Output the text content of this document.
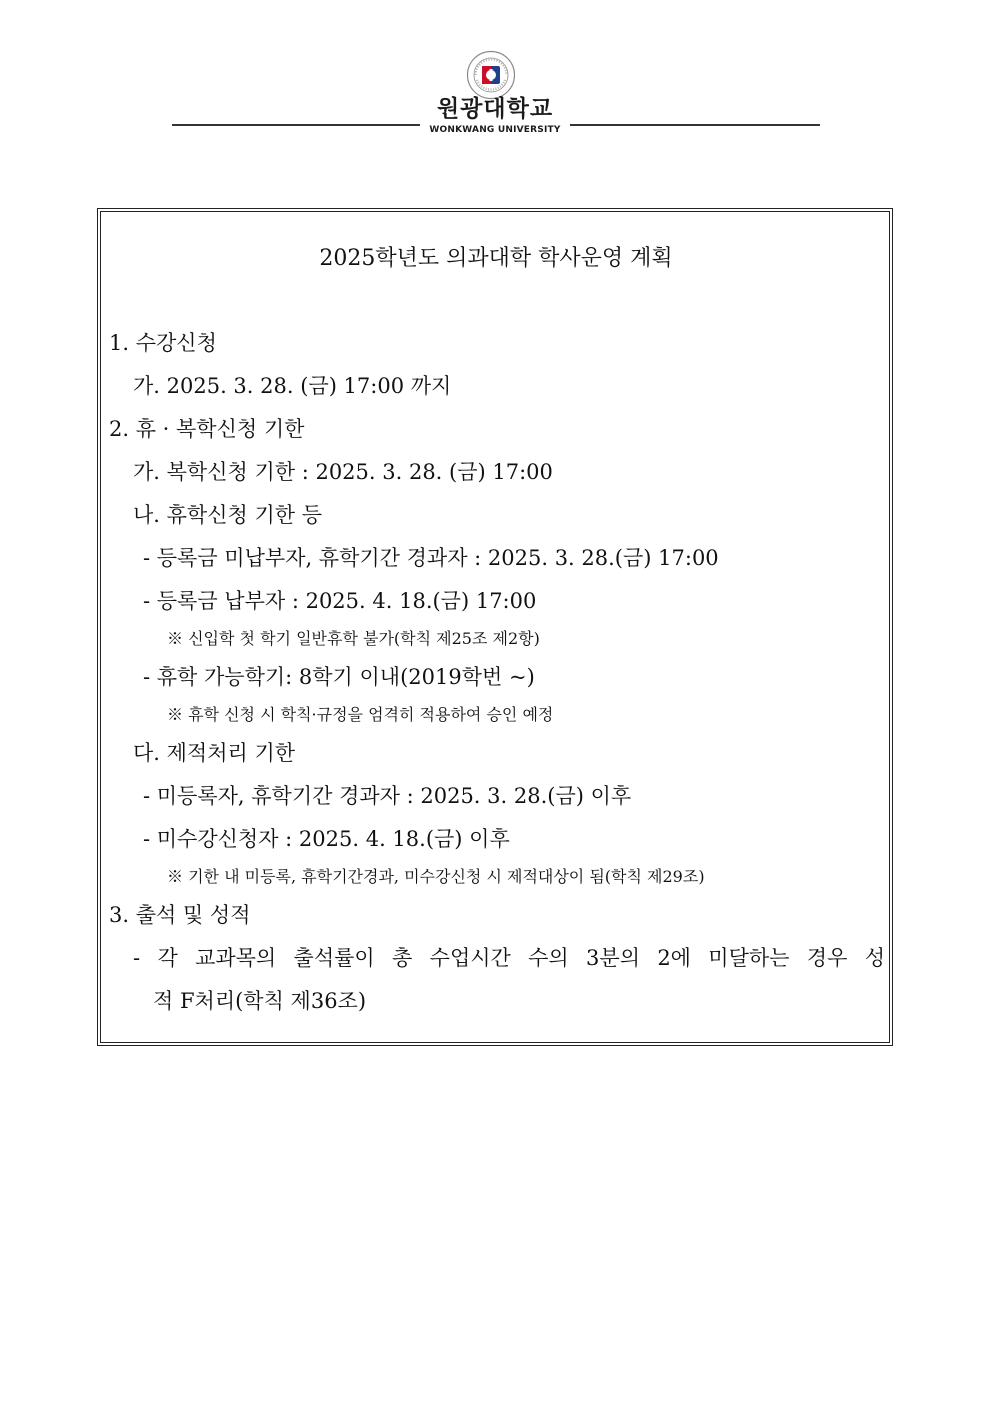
원광대학교
WONKWANG UNIVERSITY
2025학년도 의과대학 학사운영 계획
1. 수강신청
가. 2025. 3. 28. (금) 17:00 까지
2. 휴 · 복학신청 기한
가. 복학신청 기한 : 2025. 3. 28. (금) 17:00
나. 휴학신청 기한 등
- 등록금 미납부자, 휴학기간 경과자 : 2025. 3. 28.(금) 17:00
- 등록금 납부자 : 2025. 4. 18.(금) 17:00
※ 신입학 첫 학기 일반휴학 불가(학칙 제25조 제2항)
- 휴학 가능학기: 8학기 이내(2019학번 ~)
※ 휴학 신청 시 학칙·규정을 엄격히 적용하여 승인 예정
다. 제적처리 기한
- 미등록자, 휴학기간 경과자 : 2025. 3. 28.(금) 이후
- 미수강신청자 : 2025. 4. 18.(금) 이후
※ 기한 내 미등록, 휴학기간경과, 미수강신청 시 제적대상이 됨(학칙 제29조)
3. 출석 및 성적
- 각 교과목의 출석률이 총 수업시간 수의 3분의 2에 미달하는 경우 성
적 F처리(학칙 제36조)
